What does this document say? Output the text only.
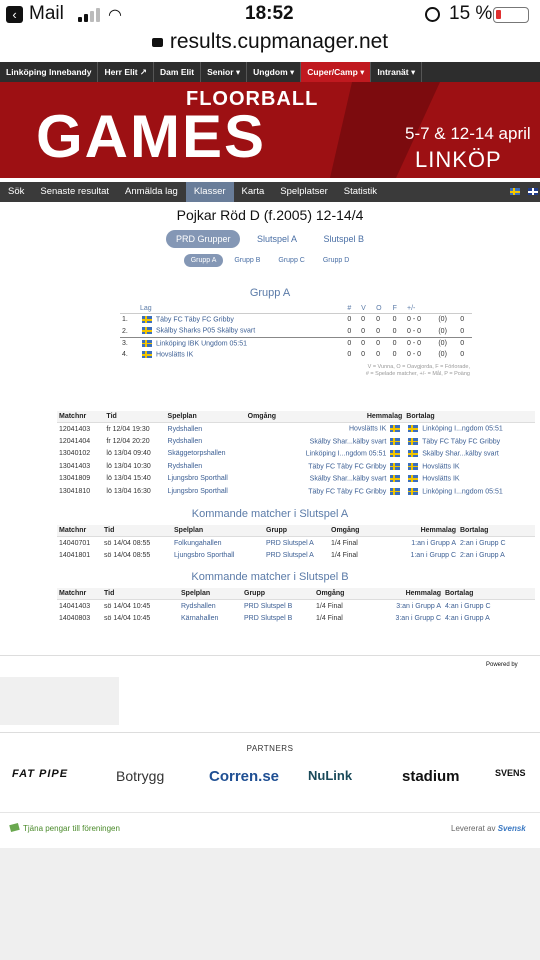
‹ Mail	◠	18:52	15 %
results.cupmanager.net
Linköping Innebandy	Herr Elit ↗	Dam Elit	Senior ▾	Ungdom ▾	Cuper/Camp ▾	Intranät ▾
FLOORBALL
GAMES	5-7 & 12-14 april
LINKÖP
Sök	Senaste resultat	Anmälda lag	Klasser	Karta	Spelplatser	Statistik
Pojkar Röd D (f.2005) 12-14/4
PRD Grupper	Slutspel A	Slutspel B
Grupp A	Grupp B	Grupp C	Grupp D
Grupp A
	Lag	#	V	O	F	+/-		
1.	Täby FC Täby FC Gribby	0	0	0	0	0 - 0	(0)	0
2.	Skälby Sharks P05 Skälby svart	0	0	0	0	0 - 0	(0)	0
3.	Linköping IBK Ungdom 05:51	0	0	0	0	0 - 0	(0)	0
4.	Hovslätts IK	0	0	0	0	0 - 0	(0)	0
V = Vunna, O = Oavgjorda, F = Förlorade,
# = Spelade matcher, +/- = Mål, P = Poäng
Matchnr	Tid	Spelplan	Omgång	Hemmalag	Bortalag
12041403	fr 12/04 19:30	Rydshallen		Hovslätts IK	Linköping I...ngdom 05:51
12041404	fr 12/04 20:20	Rydshallen		Skälby Shar...kälby svart	Täby FC Täby FC Gribby
13040102	lö 13/04 09:40	Skäggetorpshallen		Linköping I...ngdom 05:51	Skälby Shar...kälby svart
13041403	lö 13/04 10:30	Rydshallen		Täby FC Täby FC Gribby	Hovslätts IK
13041809	lö 13/04 15:40	Ljungsbro Sporthall		Skälby Shar...kälby svart	Hovslätts IK
13041810	lö 13/04 16:30	Ljungsbro Sporthall		Täby FC Täby FC Gribby	Linköping I...ngdom 05:51
Kommande matcher i Slutspel A
Matchnr	Tid	Spelplan	Grupp	Omgång	Hemmalag	Bortalag
14040701	sö 14/04 08:55	Folkungahallen	PRD Slutspel A	1/4 Final	1:an i Grupp A	2:an i Grupp C
14041801	sö 14/04 08:55	Ljungsbro Sporthall	PRD Slutspel A	1/4 Final	1:an i Grupp C	2:an i Grupp A
Kommande matcher i Slutspel B
Matchnr	Tid	Spelplan	Grupp	Omgång	Hemmalag	Bortalag
14041403	sö 14/04 10:45	Rydshallen	PRD Slutspel B	1/4 Final	3:an i Grupp A	4:an i Grupp C
14040803	sö 14/04 10:45	Kärnahallen	PRD Slutspel B	1/4 Final	3:an i Grupp C	4:an i Grupp A
Powered by
PARTNERS
FAT PIPE	Botrygg	Corren.se NuLink	stadium	SVENS
Tjäna pengar till föreningen	Levererat av Svensk
